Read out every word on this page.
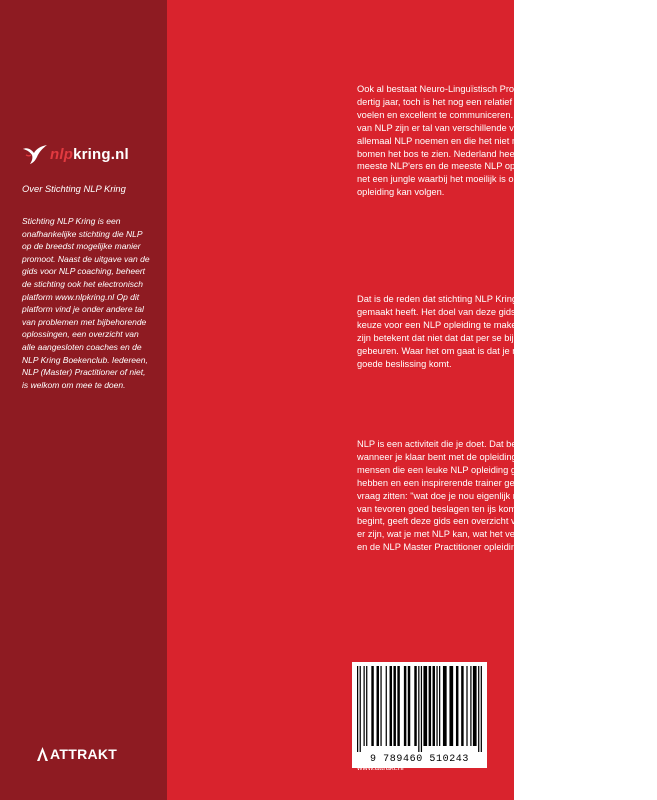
nlpkring.nl
Over Stichting NLP Kring
Stichting NLP Kring is een onafhankelijke stichting die NLP op de breedst mogelijke manier promoot. Naast de uitgave van de gids voor NLP coaching, beheert de stichting ook het electronisch platform www.nlpkring.nl Op dit platform vind je onder andere tal van problemen met bijbehorende oplossingen, een overzicht van alle aangesloten coaches en de NLP Kring Boekenclub. Iedereen, NLP (Master) Practitioner of niet, is welkom om mee te doen.
ATTRAKT
Ook al bestaat Neuro-Linguïstisch Programmeren (NLP) al meer dan dertig jaar, toch is het nog een relatief jonge technologie om je goed te voelen en excellent te communiceren. Door de onstuimige ontwikkeling van NLP zijn er tal van verschillende vormen en stromingen die zich allemaal NLP noemen en die het niet makkelijk maken om door de bomen het bos te zien. Nederland heeft, per hoofd van de bevolking, de meeste NLP'ers en de meeste NLP opleidingen. Daardoor lijkt het soms net een jungle waarbij het moeilijk is om te zien waar je het beste je NLP opleiding kan volgen.
Dat is de reden dat stichting NLP Kring deze gids voor NLP training gemaakt heeft. Het doel van deze gids is je te helpen om een goede keuze voor een NLP opleiding te maken. Gegeven dat er vele varianten zijn betekent dat niet dat dat per se bij een NLP Kring trainer moet gebeuren. Waar het om gaat is dat je met kennis van zaken tot een goede beslissing komt.
NLP is een activiteit die je doet. Dat betekent dat NLP niet ophoudt wanneer je klaar bent met de opleiding. Toch zie je met regelmaat mensen die een leuke NLP opleiding gevolgd hebben, er veel aan gehad hebben en een inspirerende trainer gehad hadden, maar toch met de vraag zitten: "wat doe je nou eigenlijk met NLP?" Om te zorgen dat je van tevoren goed beslagen ten ijs komt zodat je weet waar je aan begint, geeft deze gids een overzicht van wat NLP is, welke stromingen er zijn, wat je met NLP kan, wat het verschil tussen de NLP Practitioner en de NLP Master Practitioner opleiding is en wat de officiële eisen zijn.
9 789460 510243
